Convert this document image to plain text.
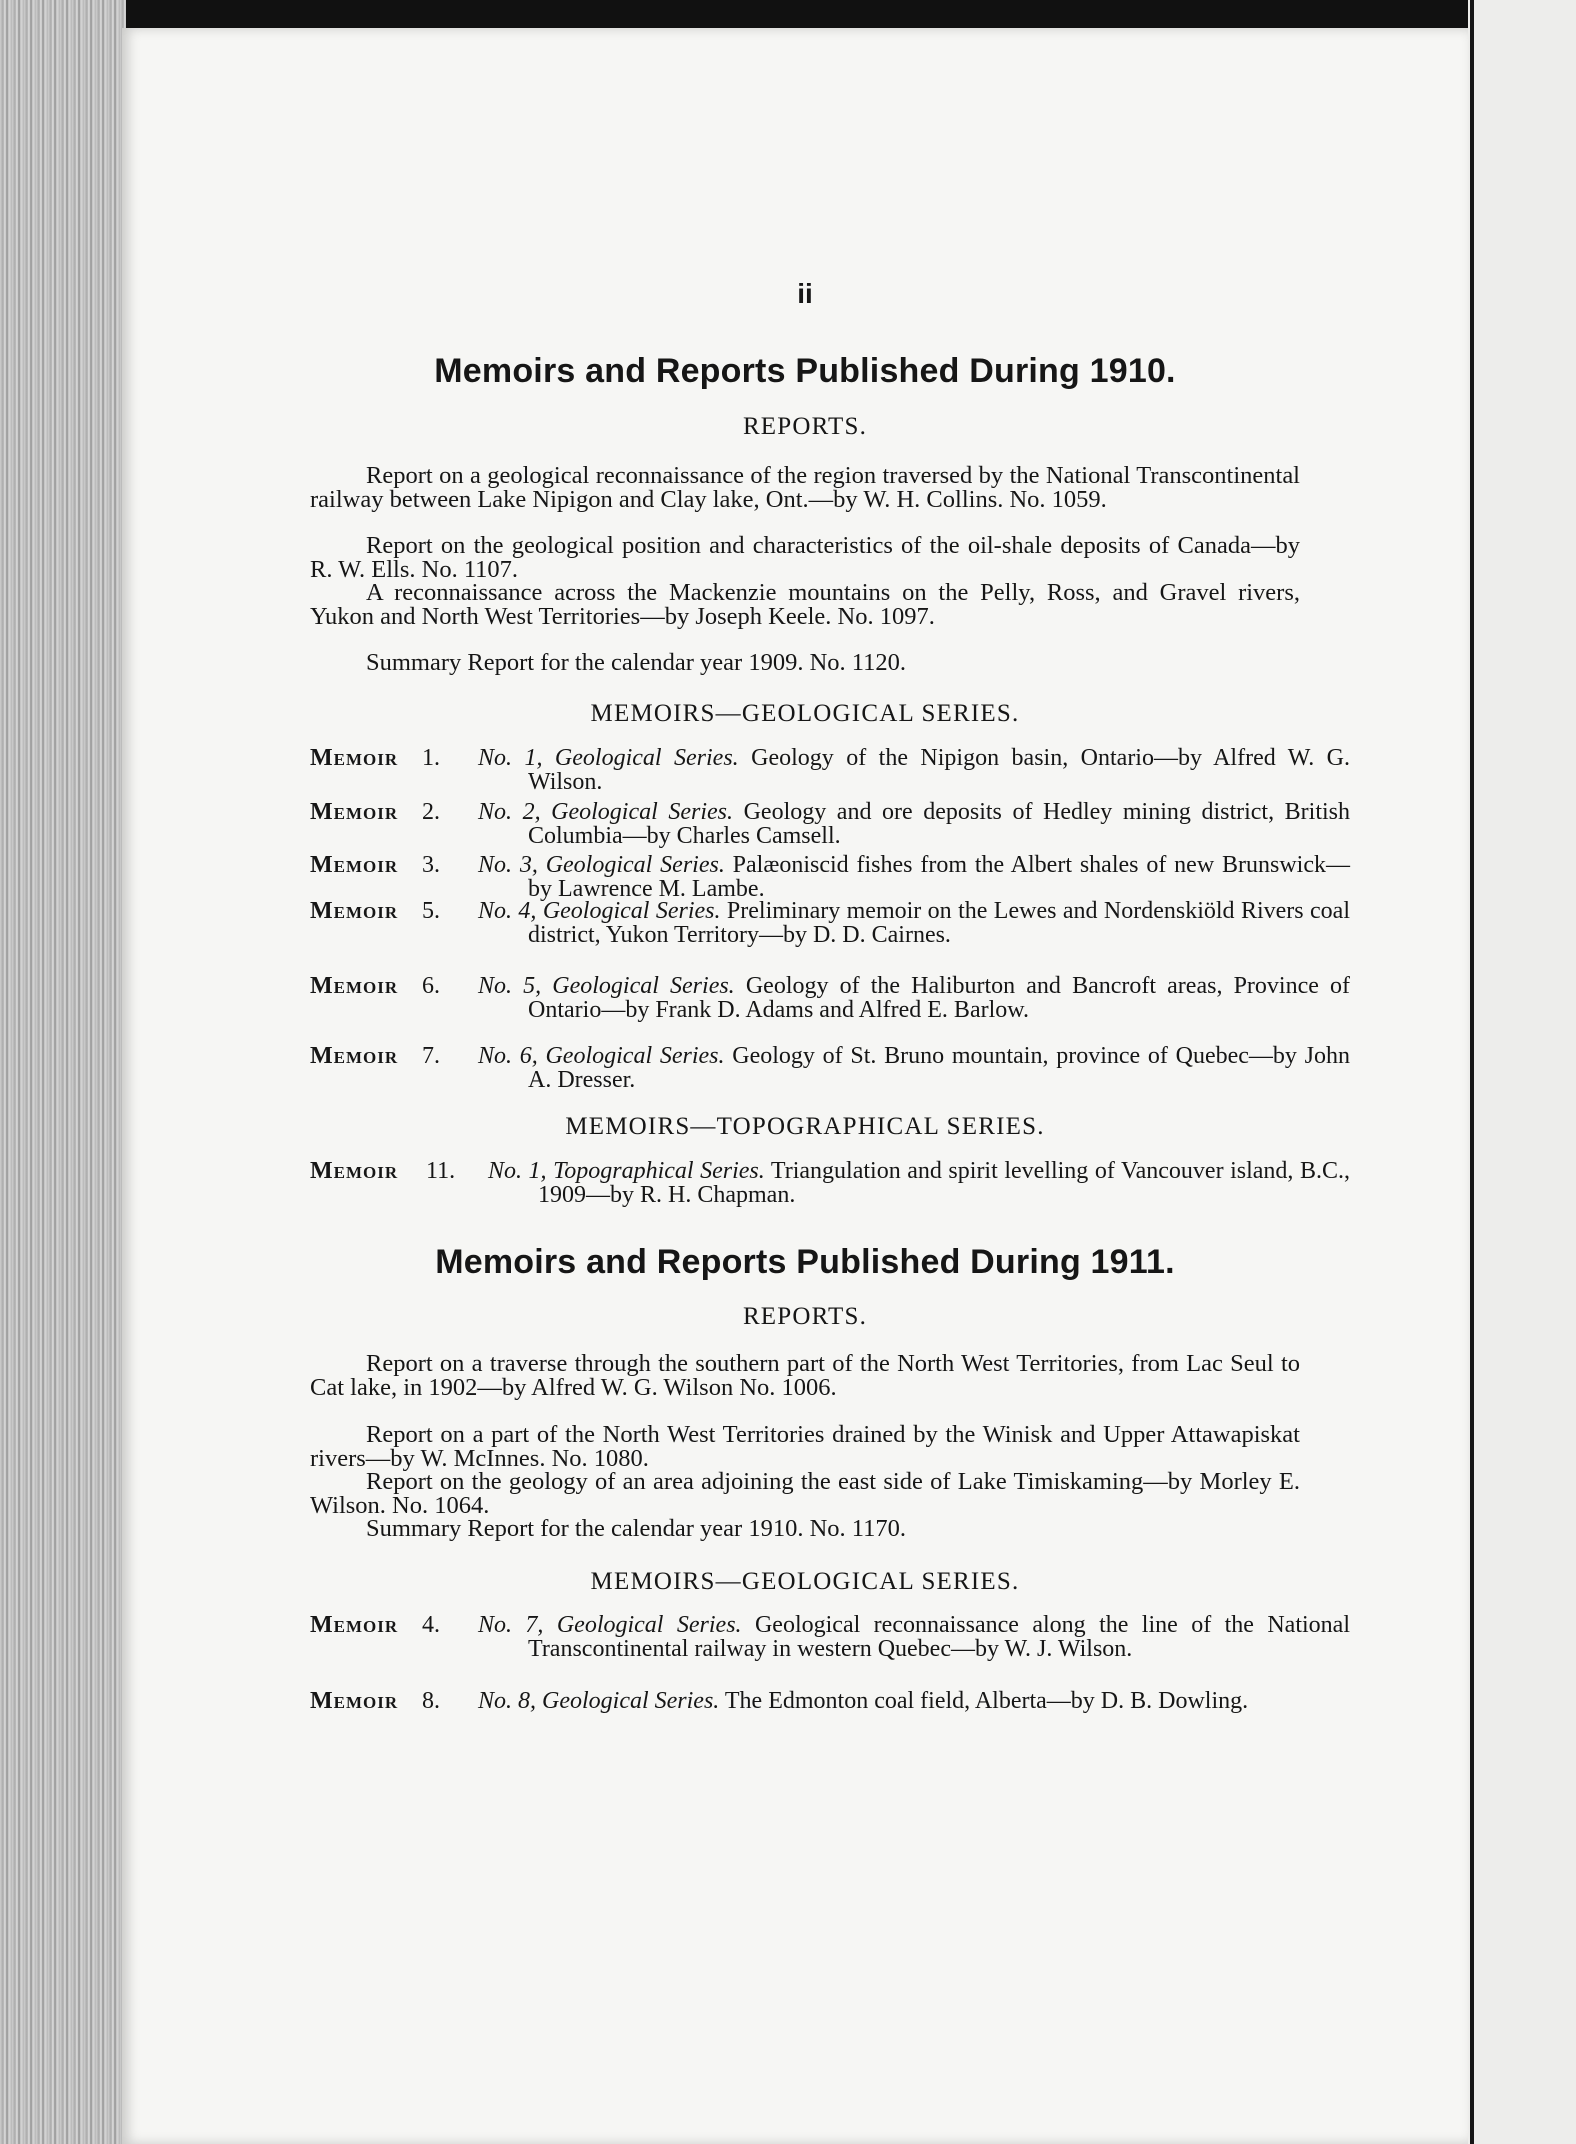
ii
Memoirs and Reports Published During 1910.
REPORTS.

Report on a geological reconnaissance of the region traversed by the National Transcontinental railway between Lake Nipigon and Clay lake, Ont.—by W. H. Collins. No. 1059.

Report on the geological position and characteristics of the oil-shale deposits of Canada—by R. W. Ells. No. 1107.

A reconnaissance across the Mackenzie mountains on the Pelly, Ross, and Gravel rivers, Yukon and North West Territories—by Joseph Keele. No. 1097.

Summary Report for the calendar year 1909. No. 1120.

MEMOIRS—GEOLOGICAL SERIES.
Memoir 1.	No. 1, Geological Series. Geology of the Nipigon basin, Ontario—by Alfred W. G. Wilson.
Memoir 2.	No. 2, Geological Series. Geology and ore deposits of Hedley mining district, British Columbia—by Charles Camsell.
Memoir 3.	No. 3, Geological Series. Palæoniscid fishes from the Albert shales of new Brunswick—by Lawrence M. Lambe.
Memoir 5.	No. 4, Geological Series. Preliminary memoir on the Lewes and Nordenskiöld Rivers coal district, Yukon Territory—by D. D. Cairnes.
Memoir 6.	No. 5, Geological Series. Geology of the Haliburton and Bancroft areas, Province of Ontario—by Frank D. Adams and Alfred E. Barlow.
Memoir 7.	No. 6, Geological Series. Geology of St. Bruno mountain, province of Quebec—by John A. Dresser.
MEMOIRS—TOPOGRAPHICAL SERIES.
Memoir	11.	No. 1, Topographical Series. Triangulation and spirit levelling of Vancouver island, B.C., 1909—by R. H. Chapman.
Memoirs and Reports Published During 1911.
REPORTS.

Report on a traverse through the southern part of the North West Territories, from Lac Seul to Cat lake, in 1902—by Alfred W. G. Wilson No. 1006.

Report on a part of the North West Territories drained by the Winisk and Upper Attawapiskat rivers—by W. McInnes. No. 1080.

Report on the geology of an area adjoining the east side of Lake Timiskaming—by Morley E. Wilson. No. 1064.

Summary Report for the calendar year 1910. No. 1170.

MEMOIRS—GEOLOGICAL SERIES.
Memoir 4.	No. 7, Geological Series. Geological reconnaissance along the line of the National Transcontinental railway in western Quebec—by W. J. Wilson.
Memoir 8.	No. 8, Geological Series. The Edmonton coal field, Alberta—by D. B. Dowling.
